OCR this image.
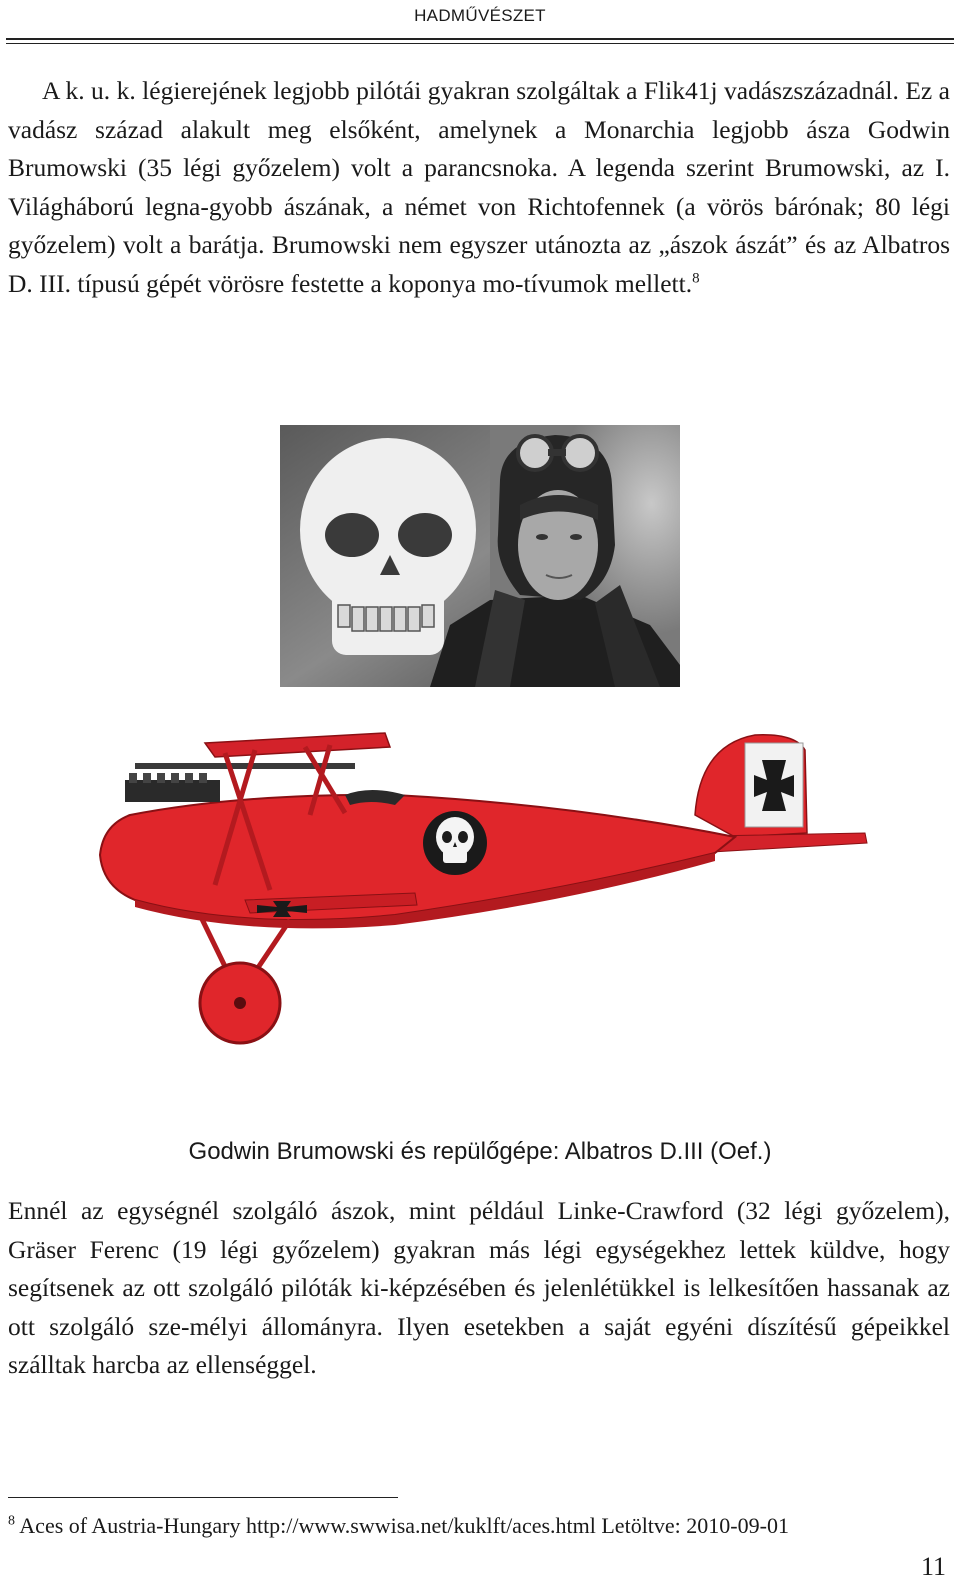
HADMŰVÉSZET

A k. u. k. légierejének legjobb pilótái gyakran szolgáltak a Flik41j vadászszázadnál. Ez a vadász század alakult meg elsőként, amelynek a Monarchia legjobb ásza Godwin Brumowski (35 légi győzelem) volt a parancsnoka. A legenda szerint Brumowski, az I. Világháború legna-gyobb ászának, a német von Richtofennek (a vörös bárónak; 80 légi győzelem) volt a barátja. Brumowski nem egyszer utánozta az „ászok ászát” és az Albatros D. III. típusú gépét vörösre festette a koponya mo-tívumok mellett.$^8$

Godwin Brumowski és repülőgépe: Albatros D.III (Oef.)

Ennél az egységnél szolgáló ászok, mint például Linke-Crawford (32 légi győzelem), Gräser Ferenc (19 légi győzelem) gyakran más légi egységekhez lettek küldve, hogy segítsenek az ott szolgáló pilóták ki-képzésében és jelenlétükkel is lelkesítően hassanak az ott szolgáló sze-mélyi állományra. Ilyen esetekben a saját egyéni díszítésű gépeikkel szálltak harcba az ellenséggel.

$^8$ Aces of Austria-Hungary http://www.swwisa.net/kuklft/aces.html Letöltve: 2010-09-01
11
